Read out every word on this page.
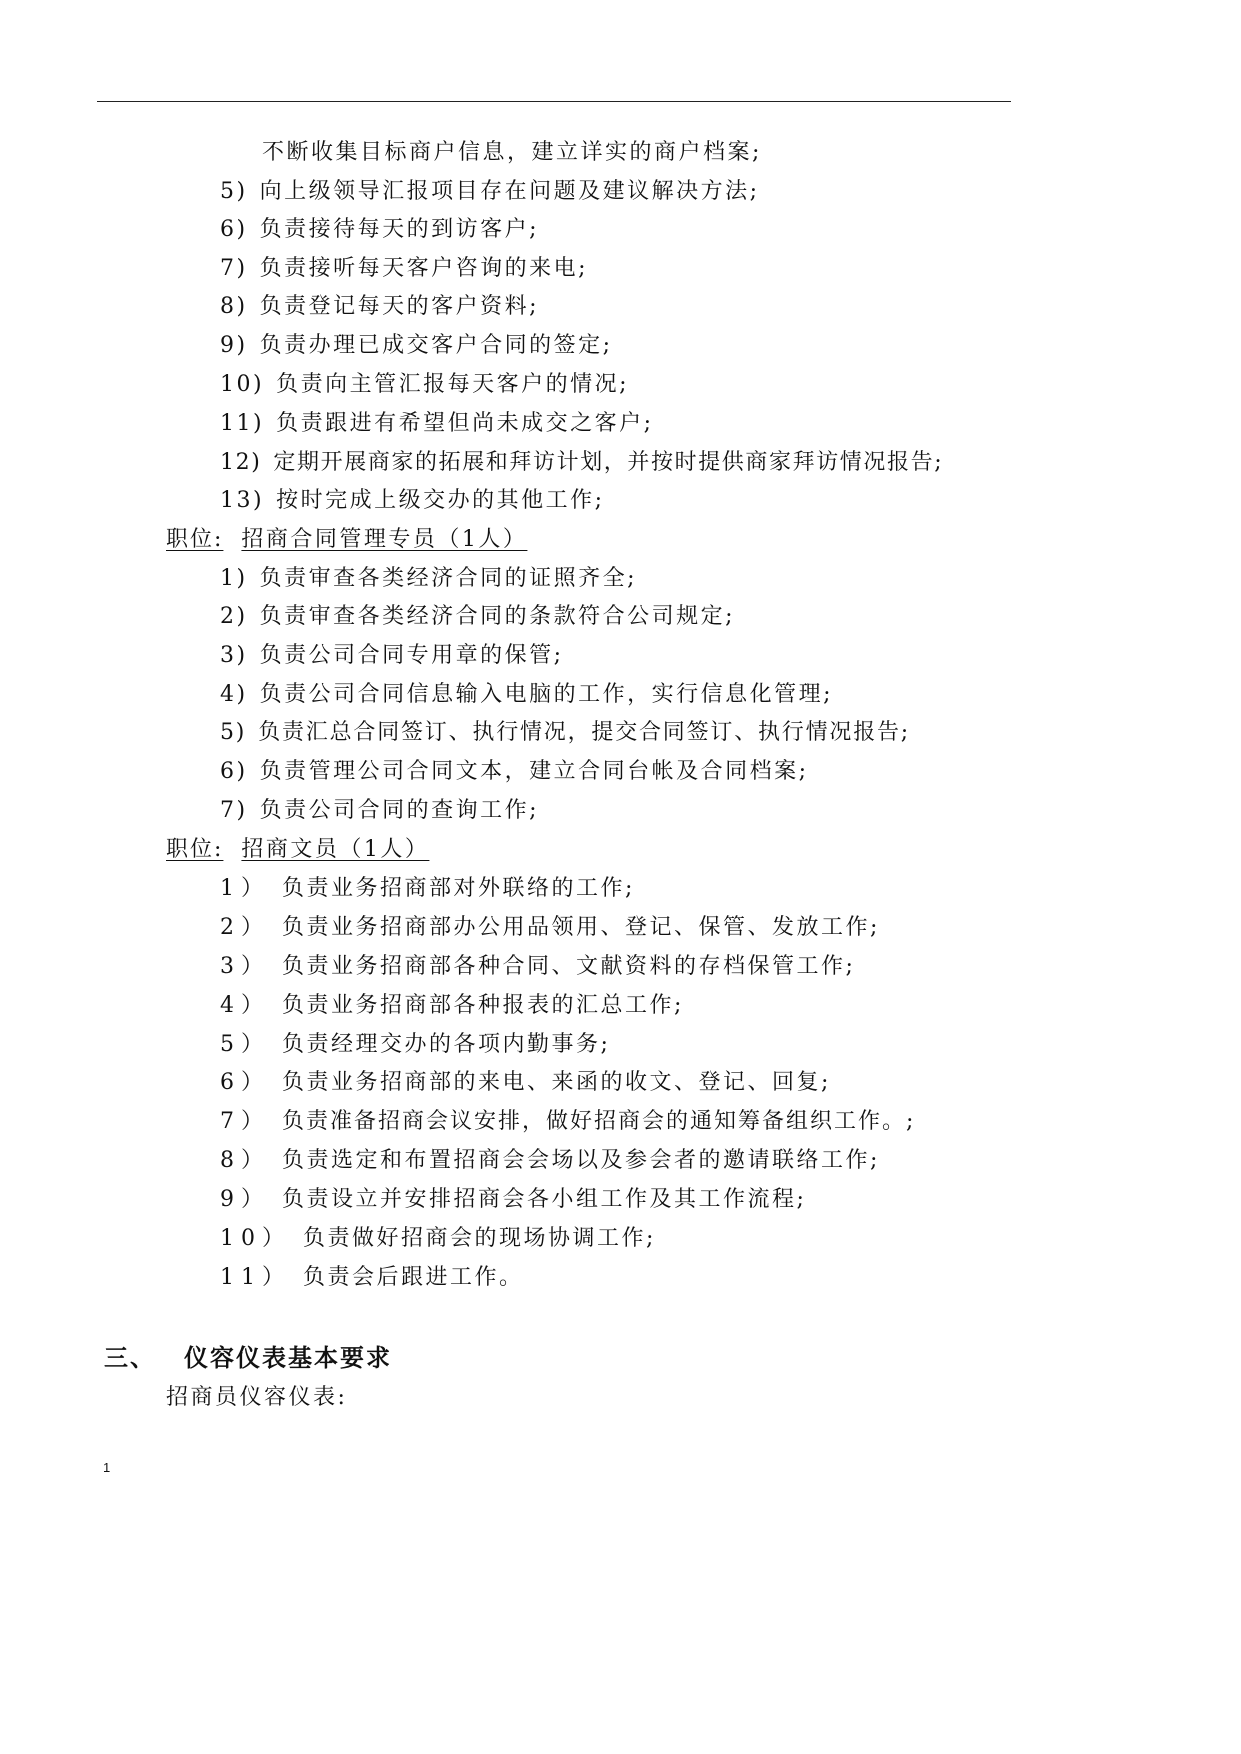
不断收集目标商户信息，建立详实的商户档案;
5) 向上级领导汇报项目存在问题及建议解决方法;
6) 负责接待每天的到访客户;
7) 负责接听每天客户咨询的来电;
8) 负责登记每天的客户资料;
9) 负责办理已成交客户合同的签定;
10) 负责向主管汇报每天客户的情况;
11) 负责跟进有希望但尚未成交之客户;
12) 定期开展商家的拓展和拜访计划，并按时提供商家拜访情况报告;
13) 按时完成上级交办的其他工作;
职位: 招商合同管理专员（1人）
1) 负责审查各类经济合同的证照齐全;
2) 负责审查各类经济合同的条款符合公司规定;
3) 负责公司合同专用章的保管;
4) 负责公司合同信息输入电脑的工作，实行信息化管理;
5) 负责汇总合同签订、执行情况，提交合同签订、执行情况报告;
6) 负责管理公司合同文本，建立合同台帐及合同档案;
7) 负责公司合同的查询工作;
职位: 招商文员（1人）
1） 负责业务招商部对外联络的工作;
2） 负责业务招商部办公用品领用、登记、保管、发放工作;
3） 负责业务招商部各种合同、文献资料的存档保管工作;
4） 负责业务招商部各种报表的汇总工作;
5） 负责经理交办的各项内勤事务;
6） 负责业务招商部的来电、来函的收文、登记、回复;
7） 负责准备招商会议安排，做好招商会的通知筹备组织工作。;
8） 负责选定和布置招商会会场以及参会者的邀请联络工作;
9） 负责设立并安排招商会各小组工作及其工作流程;
10） 负责做好招商会的现场协调工作;
11） 负责会后跟进工作。
三、 仪容仪表基本要求
招商员仪容仪表:
1
